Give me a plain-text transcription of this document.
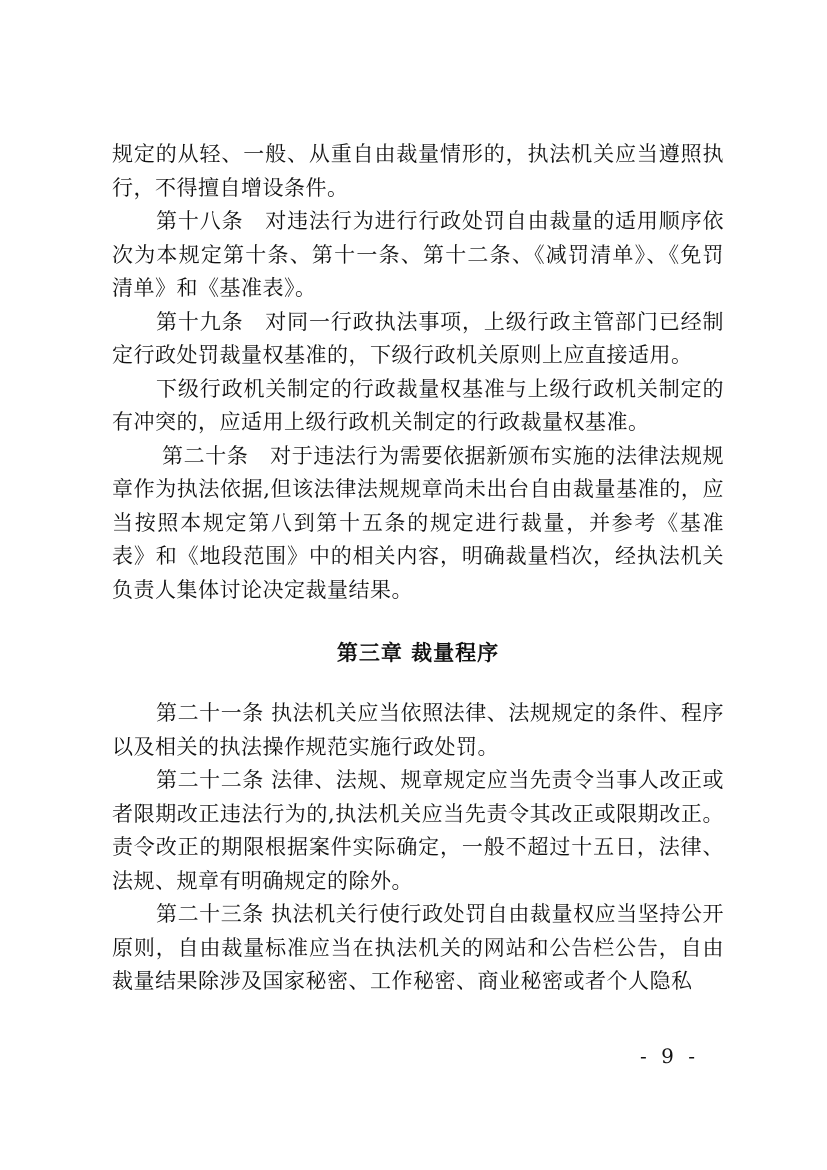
规定的从轻、一般、从重自由裁量情形的，执法机关应当遵照执行，不得擅自增设条件。

第十八条　对违法行为进行行政处罚自由裁量的适用顺序依次为本规定第十条、第十一条、第十二条、《减罚清单》、《免罚清单》和《基准表》。

第十九条　对同一行政执法事项，上级行政主管部门已经制定行政处罚裁量权基准的，下级行政机关原则上应直接适用。

下级行政机关制定的行政裁量权基准与上级行政机关制定的有冲突的，应适用上级行政机关制定的行政裁量权基准。

第二十条　对于违法行为需要依据新颁布实施的法律法规规章作为执法依据,但该法律法规规章尚未出台自由裁量基准的，应当按照本规定第八到第十五条的规定进行裁量，并参考《基准表》和《地段范围》中的相关内容，明确裁量档次，经执法机关负责人集体讨论决定裁量结果。

第三章 裁量程序

第二十一条 执法机关应当依照法律、法规规定的条件、程序以及相关的执法操作规范实施行政处罚。

第二十二条 法律、法规、规章规定应当先责令当事人改正或者限期改正违法行为的,执法机关应当先责令其改正或限期改正。责令改正的期限根据案件实际确定，一般不超过十五日，法律、法规、规章有明确规定的除外。

第二十三条 执法机关行使行政处罚自由裁量权应当坚持公开原则，自由裁量标准应当在执法机关的网站和公告栏公告，自由裁量结果除涉及国家秘密、工作秘密、商业秘密或者个人隐私

- 9 -
